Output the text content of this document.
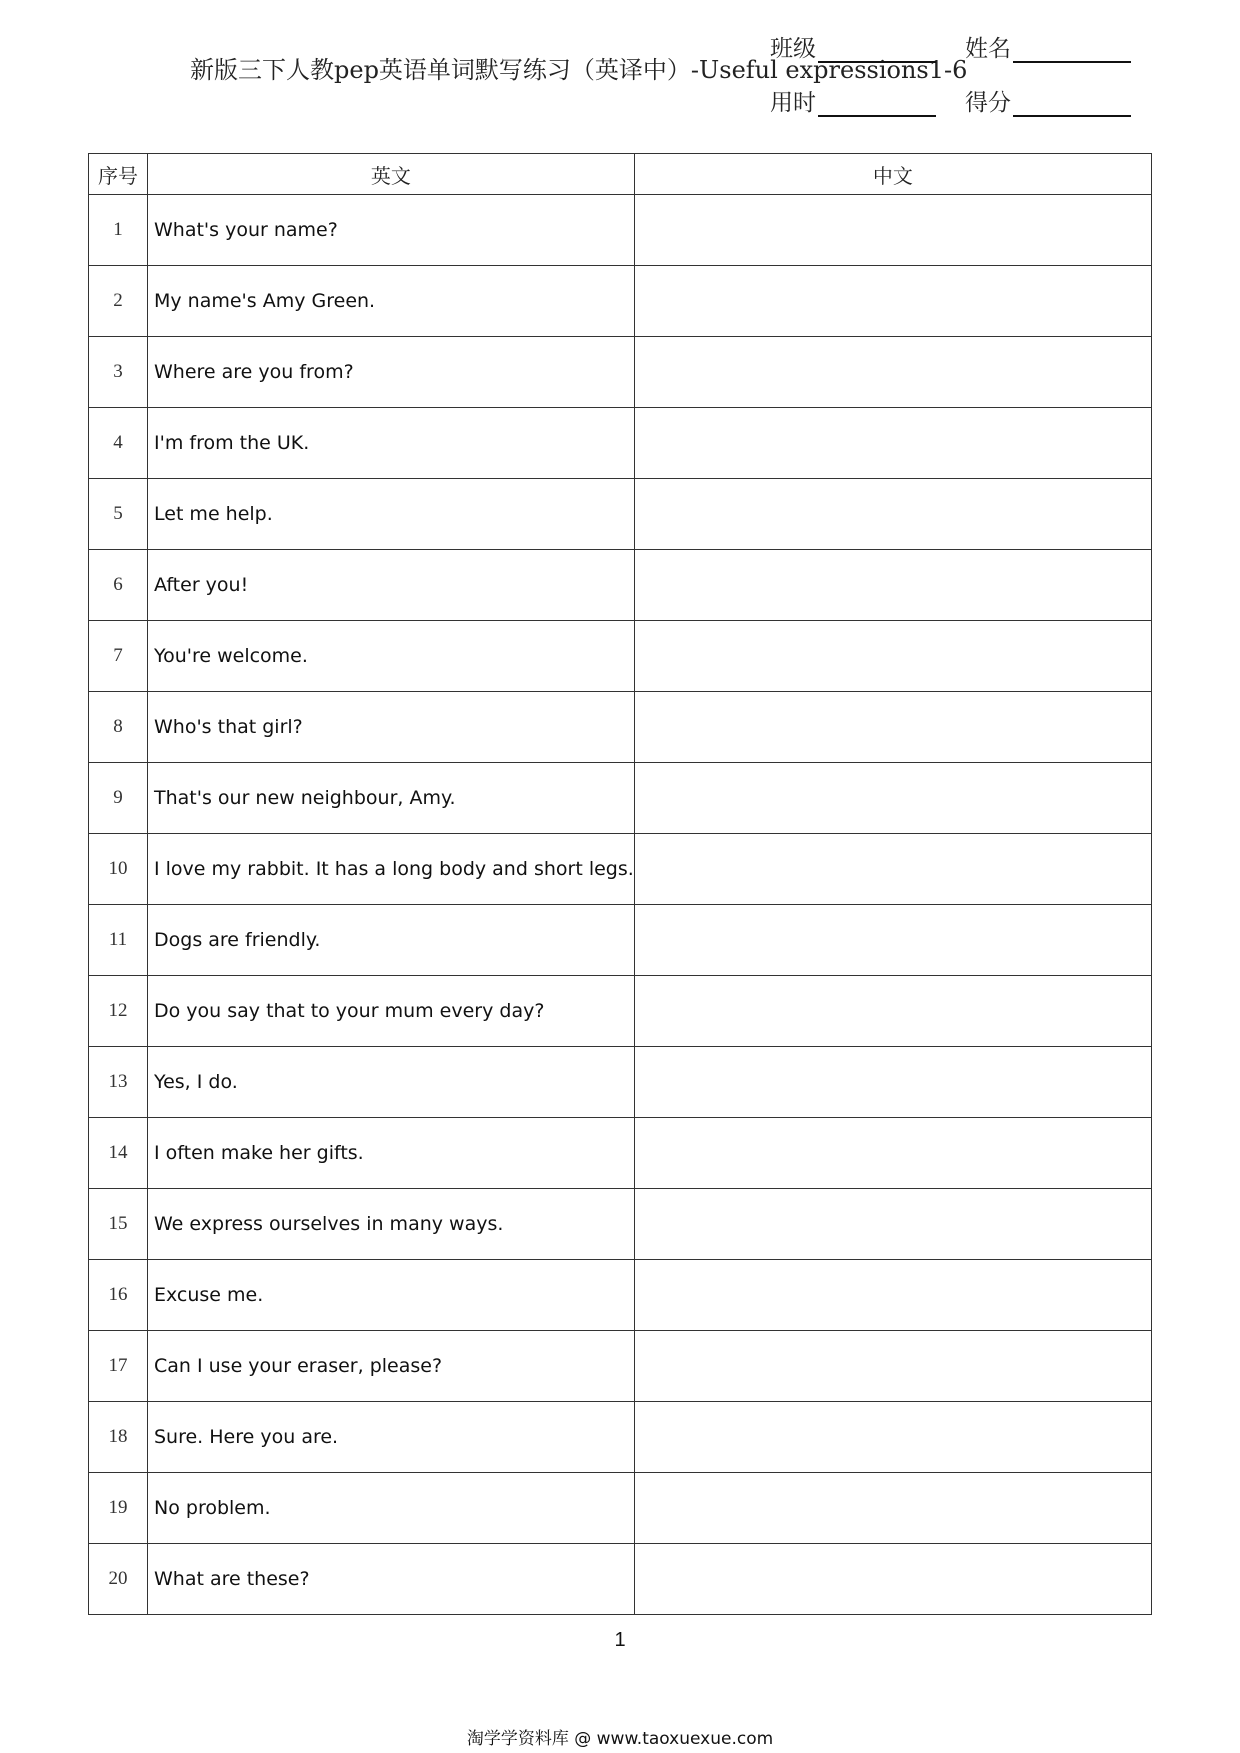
新版三下人教pep英语单词默写练习（英译中）-Useful expressions1-6
班级	姓名
用时	得分
序号	英文	中文
1	What's your name?	
2	My name's Amy Green.	
3	Where are you from?	
4	I'm from the UK.	
5	Let me help.	
6	After you!	
7	You're welcome.	
8	Who's that girl?	
9	That's our new neighbour, Amy.	
10	I love my rabbit. It has a long body and short legs.	
11	Dogs are friendly.	
12	Do you say that to your mum every day?	
13	Yes, I do.	
14	I often make her gifts.	
15	We express ourselves in many ways.	
16	Excuse me.	
17	Can I use your eraser, please?	
18	Sure. Here you are.	
19	No problem.	
20	What are these?	
1
淘学学资料库 @ www.taoxuexue.com
